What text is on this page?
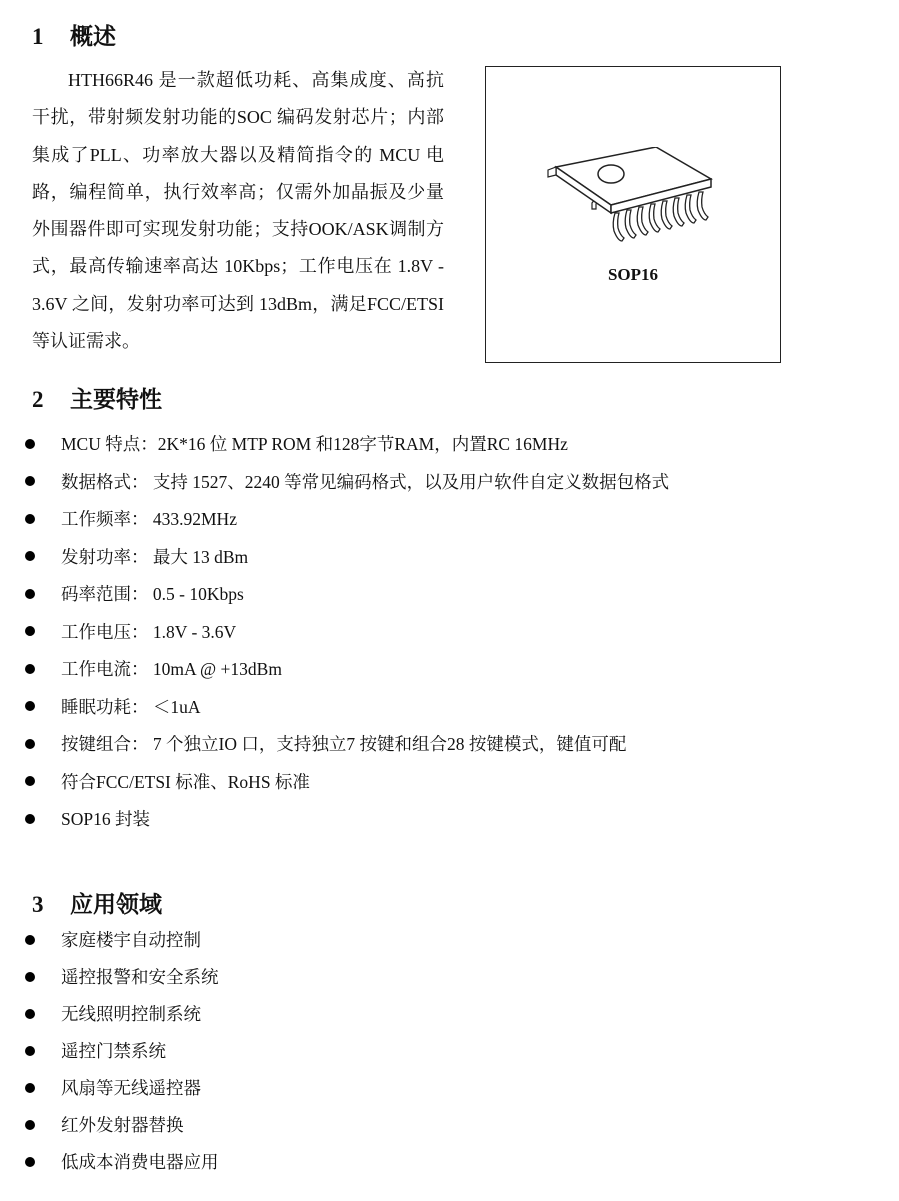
1	概述
HTH66R46 是一款超低功耗、高集成度、高抗干扰，带射频发射功能的SOC 编码发射芯片；内部集成了PLL、功率放大器以及精简指令的 MCU 电路，编程简单，执行效率高；仅需外加晶振及少量外围器件即可实现发射功能；支持OOK/ASK调制方式，最高传输速率高达 10Kbps；工作电压在 1.8V - 3.6V 之间，发射功率可达到 13dBm，满足FCC/ETSI 等认证需求。
SOP16
2	主要特性
MCU 特点：2K*16 位 MTP ROM 和128字节RAM，内置RC 16MHz
数据格式： 支持 1527、2240 等常见编码格式，以及用户软件自定义数据包格式
工作频率： 433.92MHz
发射功率： 最大 13 dBm
码率范围： 0.5 - 10Kbps
工作电压： 1.8V - 3.6V
工作电流： 10mA @ +13dBm
睡眠功耗： ＜1uA
按键组合： 7 个独立IO 口，支持独立7 按键和组合28 按键模式，键值可配
符合FCC/ETSI 标准、RoHS 标准
SOP16 封装
3	应用领域
家庭楼宇自动控制
遥控报警和安全系统
无线照明控制系统
遥控门禁系统
风扇等无线遥控器
红外发射器替换
低成本消费电器应用
